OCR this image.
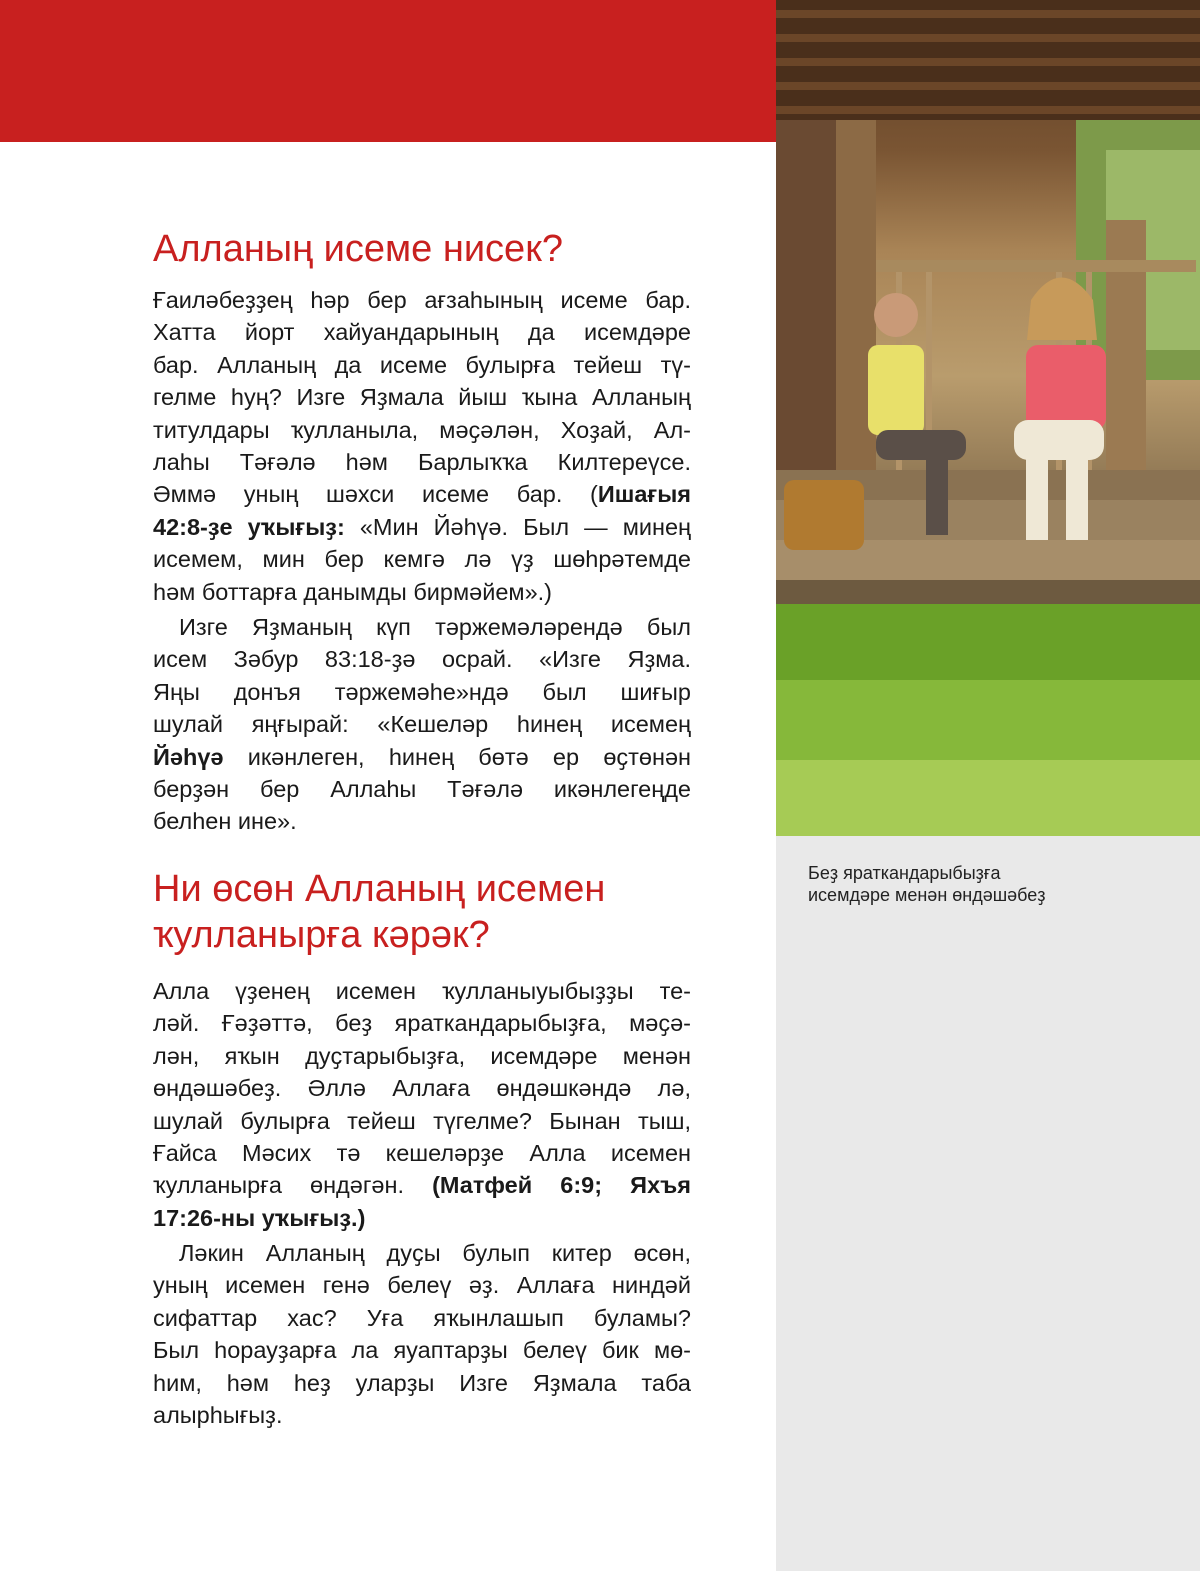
Беҙ яраткандарыбыҙға
исемдәре менән өндәшәбеҙ
Алланың исеме нисек?
Ғаиләбеҙҙең һәр бер ағзаһының исеме бар.
Хатта йорт хайуандарының да исемдәре
бар. Алланың да исеме булырға тейеш тү-
гелме һуң? Изге Яҙмала йыш ҡына Алланың
титулдары ҡулланыла, мәҫәлән, Хоҙай, Ал-
лаһы Тәғәлә һәм Барлыҡҡа Килтереүсе.
Әммә уның шәхси исеме бар. (Ишағыя
42:8-ҙе уҡығыҙ: «Мин Йәһүә. Был — минең
исемем, мин бер кемгә лә үҙ шөһрәтемде
һәм боттарға данымды бирмәйем».)
Изге Яҙманың күп тәржемәләрендә был
исем Зәбур 83:18-ҙә осрай. «Изге Яҙма.
Яңы донъя тәржемәһе»ндә был шиғыр
шулай яңғырай: «Кешеләр һинең исемең
Йәһүә икәнлеген, һинең бөтә ер өҫтөнән
берҙән бер Аллаһы Тәғәлә икәнлегеңде
белһен ине».
Ни өсөн Алланың исемен
ҡулланырға кәрәк?
Алла үҙенең исемен ҡулланыуыбыҙҙы те-
ләй. Ғәҙәттә, беҙ яраткандарыбыҙға, мәҫә-
лән, яҡын дуҫтарыбыҙға, исемдәре менән
өндәшәбеҙ. Әллә Аллаға өндәшкәндә лә,
шулай булырға тейеш түгелме? Бынан тыш,
Ғайса Мәсих тә кешеләрҙе Алла исемен
ҡулланырға өндәгән. (Матфей 6:9; Яхъя
17:26-ны уҡығыҙ.)
Ләкин Алланың дуҫы булып китер өсөн,
уның исемен генә белеү әҙ. Аллаға ниндәй
сифаттар хас? Уға яҡынлашып буламы?
Был һорауҙарға ла яуаптарҙы белеү бик мө-
һим, һәм һеҙ уларҙы Изге Яҙмала таба
алырһығыҙ.
